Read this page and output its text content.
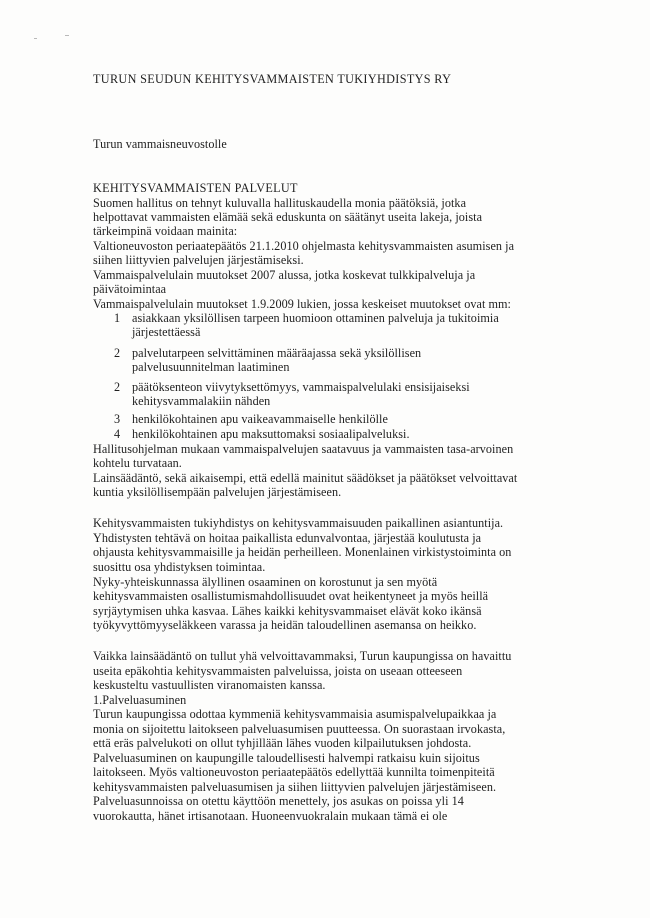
TURUN SEUDUN KEHITYSVAMMAISTEN TUKIYHDISTYS RY
Turun vammaisneuvostolle
KEHITYSVAMMAISTEN PALVELUT
Suomen hallitus on tehnyt kuluvalla hallituskaudella monia päätöksiä, jotka
helpottavat vammaisten elämää sekä eduskunta on säätänyt useita lakeja, joista
tärkeimpinä voidaan mainita:
Valtioneuvoston periaatepäätös 21.1.2010 ohjelmasta kehitysvammaisten asumisen ja
siihen liittyvien palvelujen järjestämiseksi.
Vammaispalvelulain muutokset 2007 alussa, jotka koskevat tulkkipalveluja ja
päivätoimintaa
Vammaispalvelulain muutokset 1.9.2009 lukien, jossa keskeiset muutokset ovat mm:
1 asiakkaan yksilöllisen tarpeen huomioon ottaminen palveluja ja tukitoimia
järjestettäessä
2 palvelutarpeen selvittäminen määräajassa sekä yksilöllisen
palvelusuunnitelman laatiminen
2 päätöksenteon viivytyksettömyys, vammaispalvelulaki ensisijaiseksi
kehitysvammalakiin nähden
3 henkilökohtainen apu vaikeavammaiselle henkilölle
4 henkilökohtainen apu maksuttomaksi sosiaalipalveluksi.
Hallitusohjelman mukaan vammaispalvelujen saatavuus ja vammaisten tasa-arvoinen
kohtelu turvataan.
Lainsäädäntö, sekä aikaisempi, että edellä mainitut säädökset ja päätökset velvoittavat
kuntia yksilöllisempään palvelujen järjestämiseen.
Kehitysvammaisten tukiyhdistys on kehitysvammaisuuden paikallinen asiantuntija.
Yhdistysten tehtävä on hoitaa paikallista edunvalvontaa, järjestää koulutusta ja
ohjausta kehitysvammaisille ja heidän perheilleen. Monenlainen virkistystoiminta on
suosittu osa yhdistyksen toimintaa.
Nyky-yhteiskunnassa älyllinen osaaminen on korostunut ja sen myötä
kehitysvammaisten osallistumismahdollisuudet ovat heikentyneet ja myös heillä
syrjäytymisen uhka kasvaa. Lähes kaikki kehitysvammaiset elävät koko ikänsä
työkyvyttömyyseläkkeen varassa ja heidän taloudellinen asemansa on heikko.
Vaikka lainsäädäntö on tullut yhä velvoittavammaksi, Turun kaupungissa on havaittu
useita epäkohtia kehitysvammaisten palveluissa, joista on useaan otteeseen
keskusteltu vastuullisten viranomaisten kanssa.
1.Palveluasuminen
Turun kaupungissa odottaa kymmeniä kehitysvammaisia asumispalvelupaikkaa ja
monia on sijoitettu laitokseen palveluasumisen puutteessa. On suorastaan irvokasta,
että eräs palvelukoti on ollut tyhjillään lähes vuoden kilpailutuksen johdosta.
Palveluasuminen on kaupungille taloudellisesti halvempi ratkaisu kuin sijoitus
laitokseen. Myös valtioneuvoston periaatepäätös edellyttää kunnilta toimenpiteitä
kehitysvammaisten palveluasumisen ja siihen liittyvien palvelujen järjestämiseen.
Palveluasunnoissa on otettu käyttöön menettely, jos asukas on poissa yli 14
vuorokautta, hänet irtisanotaan. Huoneenvuokralain mukaan tämä ei ole
